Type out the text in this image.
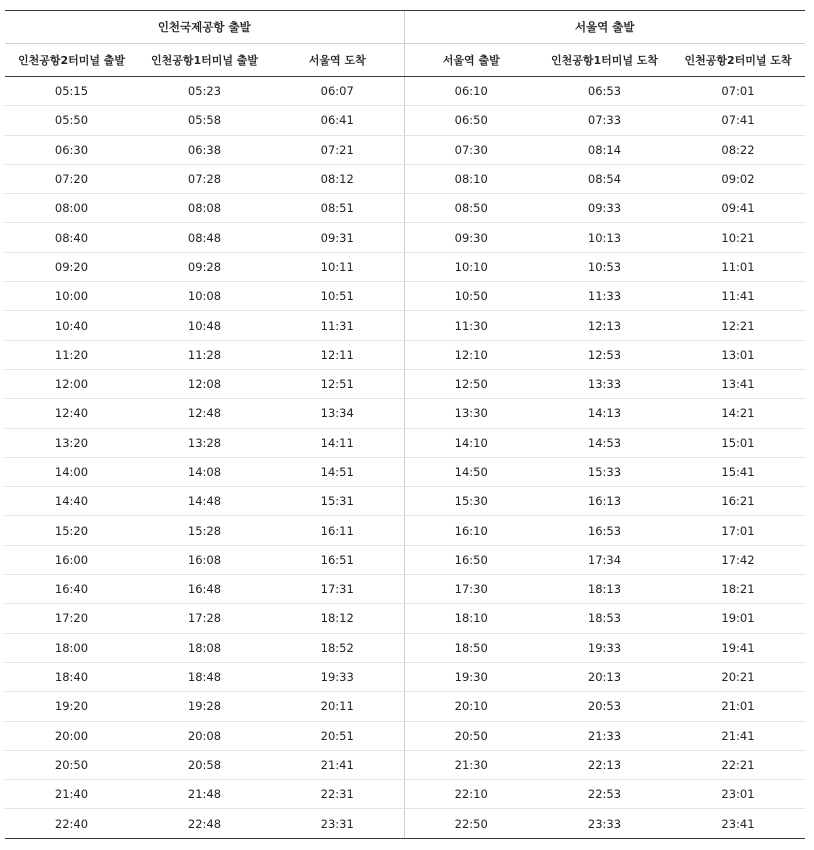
인천국제공항 출발			서울역 출발		
인천공항2터미널 출발	인천공항1터미널 출발	서울역 도착	서울역 출발	인천공항1터미널 도착	인천공항2터미널 도착
05:15	05:23	06:07	06:10	06:53	07:01
05:50	05:58	06:41	06:50	07:33	07:41
06:30	06:38	07:21	07:30	08:14	08:22
07:20	07:28	08:12	08:10	08:54	09:02
08:00	08:08	08:51	08:50	09:33	09:41
08:40	08:48	09:31	09:30	10:13	10:21
09:20	09:28	10:11	10:10	10:53	11:01
10:00	10:08	10:51	10:50	11:33	11:41
10:40	10:48	11:31	11:30	12:13	12:21
11:20	11:28	12:11	12:10	12:53	13:01
12:00	12:08	12:51	12:50	13:33	13:41
12:40	12:48	13:34	13:30	14:13	14:21
13:20	13:28	14:11	14:10	14:53	15:01
14:00	14:08	14:51	14:50	15:33	15:41
14:40	14:48	15:31	15:30	16:13	16:21
15:20	15:28	16:11	16:10	16:53	17:01
16:00	16:08	16:51	16:50	17:34	17:42
16:40	16:48	17:31	17:30	18:13	18:21
17:20	17:28	18:12	18:10	18:53	19:01
18:00	18:08	18:52	18:50	19:33	19:41
18:40	18:48	19:33	19:30	20:13	20:21
19:20	19:28	20:11	20:10	20:53	21:01
20:00	20:08	20:51	20:50	21:33	21:41
20:50	20:58	21:41	21:30	22:13	22:21
21:40	21:48	22:31	22:10	22:53	23:01
22:40	22:48	23:31	22:50	23:33	23:41
